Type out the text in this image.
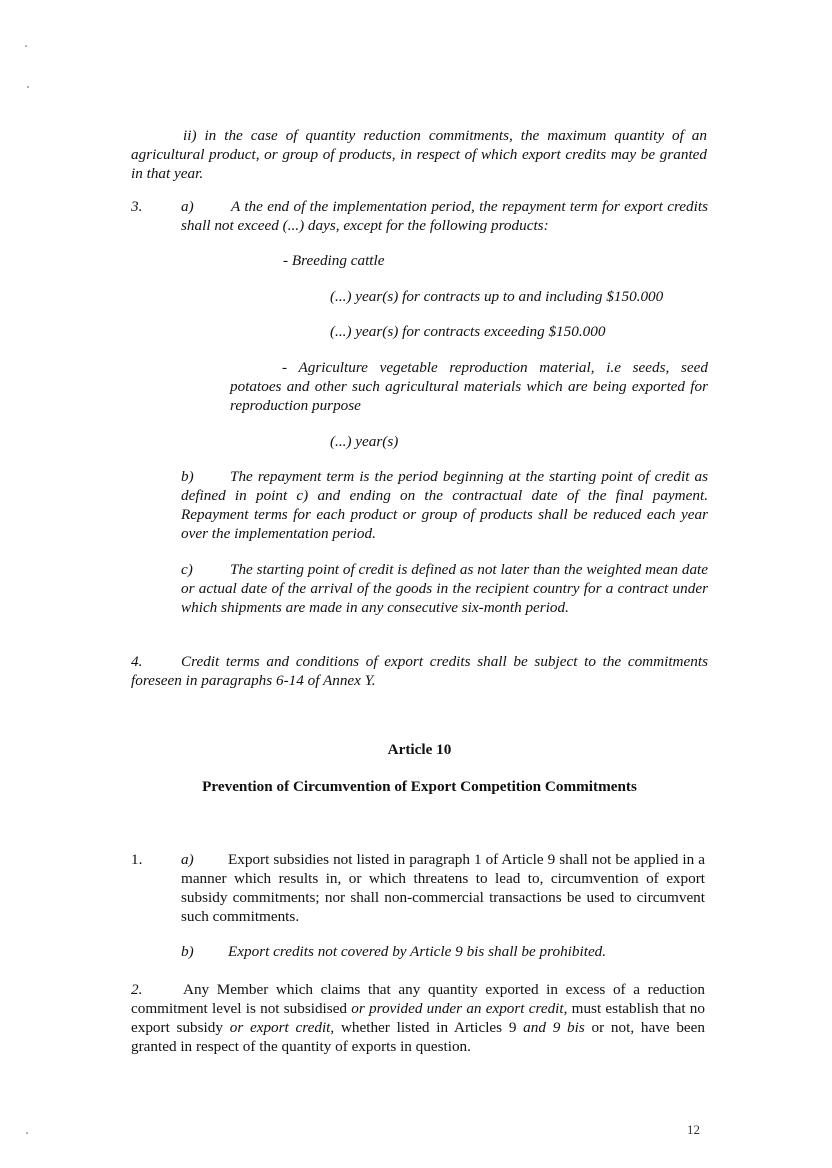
ii) in the case of quantity reduction commitments, the maximum quantity of an agricultural product, or group of products, in respect of which export credits may be granted in that year.
3.	a)	A the end of the implementation period, the repayment term for export credits shall not exceed (...) days, except for the following products:
- Breeding cattle
(...) year(s) for contracts up to and including $150.000
(...) year(s) for contracts exceeding $150.000
- Agriculture vegetable reproduction material, i.e seeds, seed potatoes and other such agricultural materials which are being exported for reproduction purpose
(...) year(s)
b)	The repayment term is the period beginning at the starting point of credit as defined in point c) and ending on the contractual date of the final payment. Repayment terms for each product or group of products shall be reduced each year over the implementation period.
c)	The starting point of credit is defined as not later than the weighted mean date or actual date of the arrival of the goods in the recipient country for a contract under which shipments are made in any consecutive six-month period.
4.	Credit terms and conditions of export credits shall be subject to the commitments foreseen in paragraphs 6-14 of Annex Y.
Article 10
Prevention of Circumvention of Export Competition Commitments
1.	a)	Export subsidies not listed in paragraph 1 of Article 9 shall not be applied in a manner which results in, or which threatens to lead to, circumvention of export subsidy commitments; nor shall non-commercial transactions be used to circumvent such commitments.
b) Export credits not covered by Article 9 bis shall be prohibited.
2.	Any Member which claims that any quantity exported in excess of a reduction commitment level is not subsidised or provided under an export credit, must establish that no export subsidy or export credit, whether listed in Articles 9 and 9 bis or not, have been granted in respect of the quantity of exports in question.
12
